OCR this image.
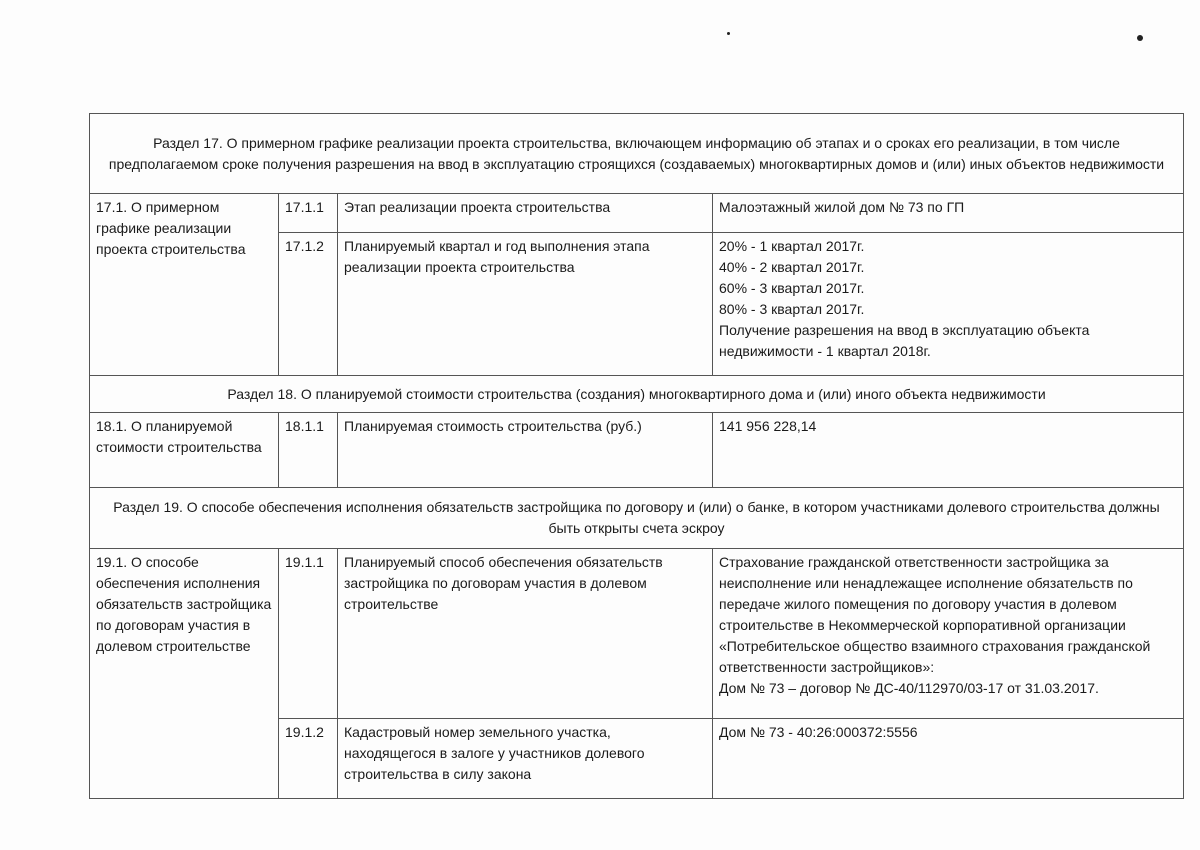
Раздел 17. О примерном графике реализации проекта строительства, включающем информацию об этапах и о сроках его реализации, в том числе предполагаемом сроке получения разрешения на ввод в эксплуатацию строящихся (создаваемых) многоквартирных домов и (или) иных объектов недвижимости			
17.1. О примерном графике реализации проекта строительства	17.1.1	Этап реализации проекта строительства	Малоэтажный жилой дом № 73 по ГП

	17.1.2	Планируемый квартал и год выполнения этапа реализации проекта строительства	20% - 1 квартал 2017г.
40% - 2 квартал 2017г.
60% - 3 квартал 2017г.
80% - 3 квартал 2017г.
Получение разрешения на ввод в эксплуатацию объекта недвижимости - 1 квартал 2018г.

Раздел 18. О планируемой стоимости строительства (создания) многоквартирного дома и (или) иного объекта недвижимости			
18.1. О планируемой стоимости строительства	18.1.1	Планируемая стоимость строительства (руб.)	141 956 228,14
Раздел 19. О способе обеспечения исполнения обязательств застройщика по договору и (или) о банке, в котором участниками долевого строительства должны быть открыты счета эскроу			
19.1. О способе обеспечения исполнения обязательств застройщика по договорам участия в долевом строительстве	19.1.1	Планируемый способ обеспечения обязательств застройщика по договорам участия в долевом строительстве	Страхование гражданской ответственности застройщика за неисполнение или ненадлежащее исполнение обязательств по передаче жилого помещения по договору участия в долевом строительстве в Некоммерческой корпоративной организации «Потребительское общество взаимного страхования гражданской ответственности застройщиков»:
Дом № 73 – договор № ДС-40/112970/03-17 от 31.03.2017.

	19.1.2	Кадастровый номер земельного участка, находящегося в залоге у участников долевого строительства в силу закона	Дом № 73 - 40:26:000372:5556
